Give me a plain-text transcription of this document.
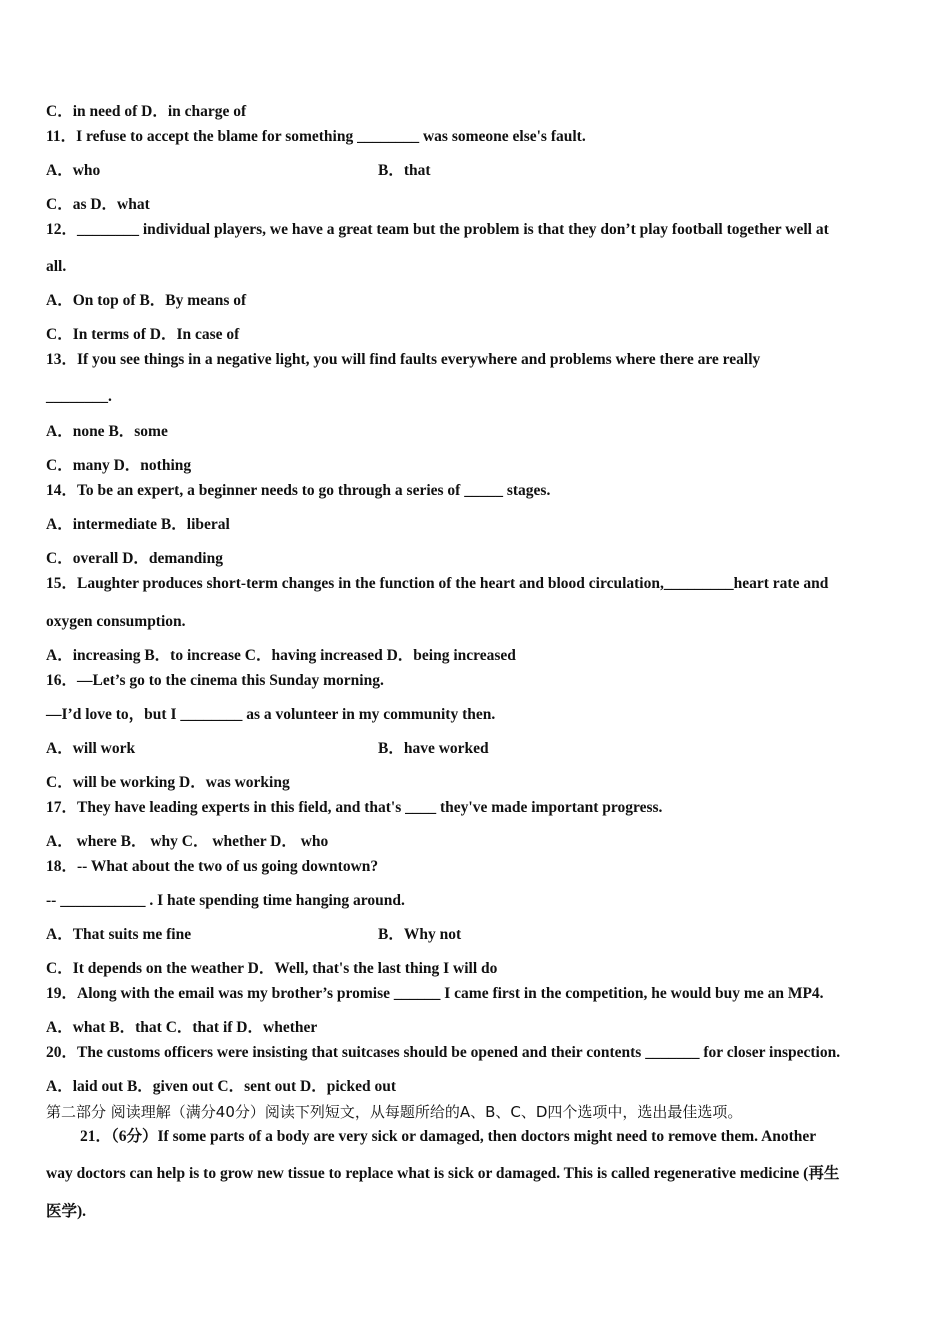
C．in need of D．in charge of
11．I refuse to accept the blame for something ________ was someone else's fault.
A．who	B．that
C．as D．what
12．________ individual players, we have a great team but the problem is that they don’t play football together well at
all.
A．On top of B．By means of
C．In terms of D．In case of
13．If you see things in a negative light, you will find faults everywhere and problems where there are really
________.
A．none B．some
C．many D．nothing
14．To be an expert, a beginner needs to go through a series of _____ stages.
A．intermediate B．liberal
C．overall D．demanding
15．Laughter produces short-term changes in the function of the heart and blood circulation,_________heart rate and
oxygen consumption.
A．increasing B．to increase C．having increased D．being increased
16．—Let’s go to the cinema this Sunday morning.
—I’d love to，but I ________ as a volunteer in my community then.
A．will work	B．have worked
C．will be working D．was working
17．They have leading experts in this field, and that's ____ they've made important progress.
A． where B． why C． whether D． who
18．-- What about the two of us going downtown?
-- ___________ . I hate spending time hanging around.
A．That suits me fine	B．Why not
C．It depends on the weather D．Well, that's the last thing I will do
19．Along with the email was my brother’s promise ______ I came first in the competition, he would buy me an MP4.
A．what B．that C．that if D．whether
20．The customs officers were insisting that suitcases should be opened and their contents _______ for closer inspection.
A．laid out B．given out C．sent out D．picked out
第二部分 阅读理解（满分40分）阅读下列短文，从每题所给的A、B、C、D四个选项中，选出最佳选项。
21．（6分）If some parts of a body are very sick or damaged, then doctors might need to remove them. Another
way doctors can help is to grow new tissue to replace what is sick or damaged. This is called regenerative medicine (再生
医学).
